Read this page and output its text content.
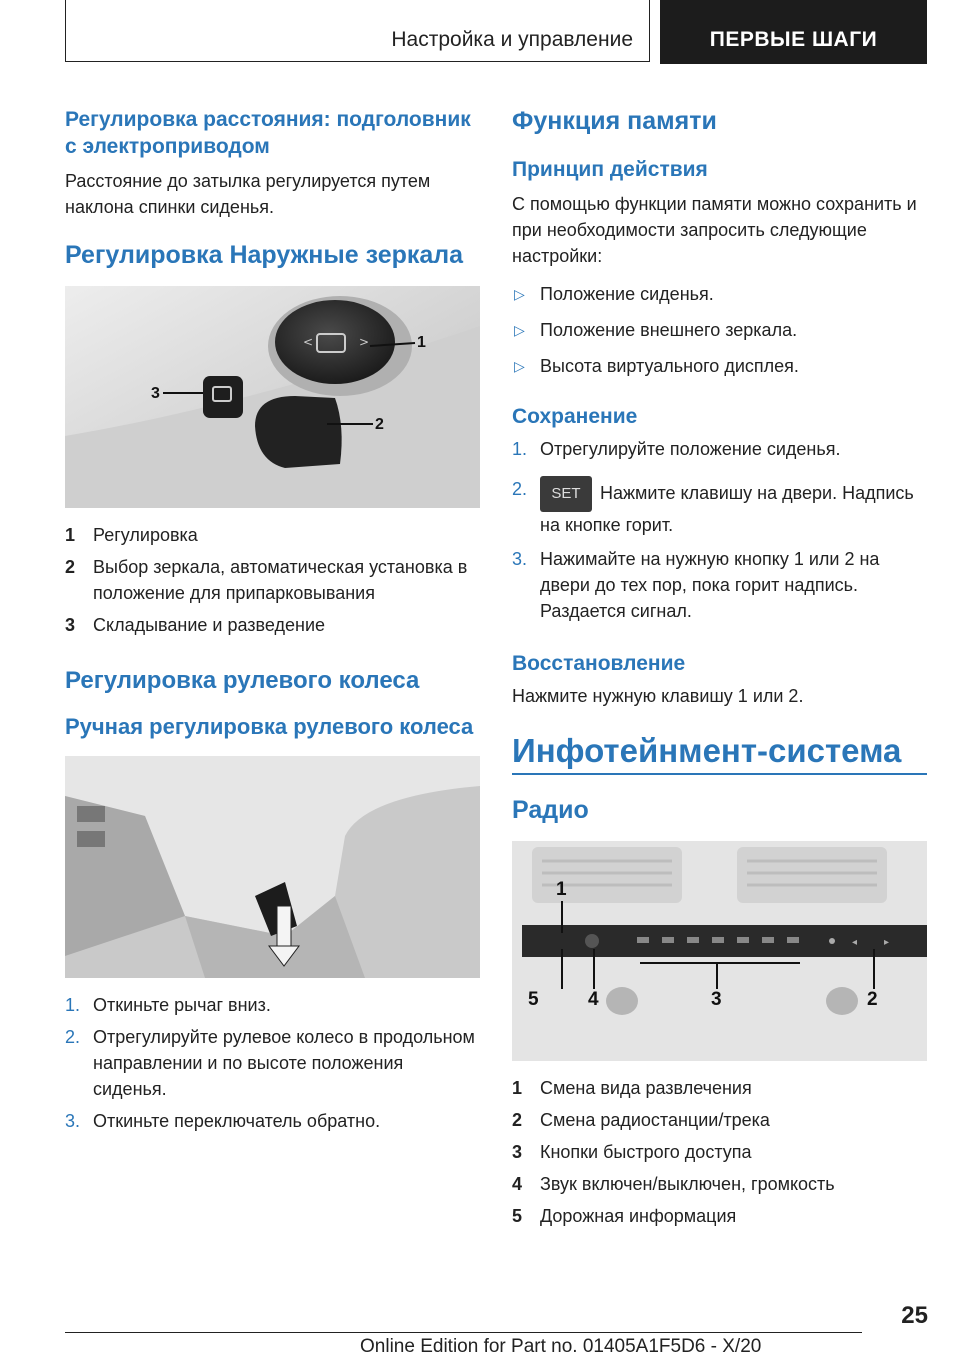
Настройка и управление	ПЕРВЫЕ ШАГИ

Регулировка расстояния: подголовник с электроприводом

Расстояние до затылка регулируется путем наклона спинки сиденья.

Регулировка Наружные зеркала

<	>	1
2
3

1 Регулировка

2 Выбор зеркала, автоматическая установка в положение для припарковывания

3 Складывание и разведение

Регулировка рулевого колеса

Ручная регулировка рулевого колеса

1. Откиньте рычаг вниз.

2. Отрегулируйте рулевое колесо в продольном направлении и по высоте положения сиденья.

3. Откиньте переключатель обратно.

Функция памяти

Принцип действия

С помощью функции памяти можно сохранить и при необходимости запросить следующие настройки:

▷ Положение сиденья.

▷ Положение внешнего зеркала.

▷ Высота виртуального дисплея.

Сохранение

1. Отрегулируйте положение сиденья.

2. SET Нажмите клавишу на двери. Надпись на кнопке горит.

3. Нажимайте на нужную кнопку 1 или 2 на двери до тех пор, пока горит надпись. Раздается сигнал.

Восстановление

Нажмите нужную клавишу 1 или 2.

Инфотейнмент-система

Радио

◂	▸
1
2
3
4
5

1 Смена вида развлечения

2 Смена радиостанции/трека

3 Кнопки быстрого доступа

4 Звук включен/выключен, громкость

5 Дорожная информация

25
Online Edition for Part no. 01405A1F5D6 - X/20
